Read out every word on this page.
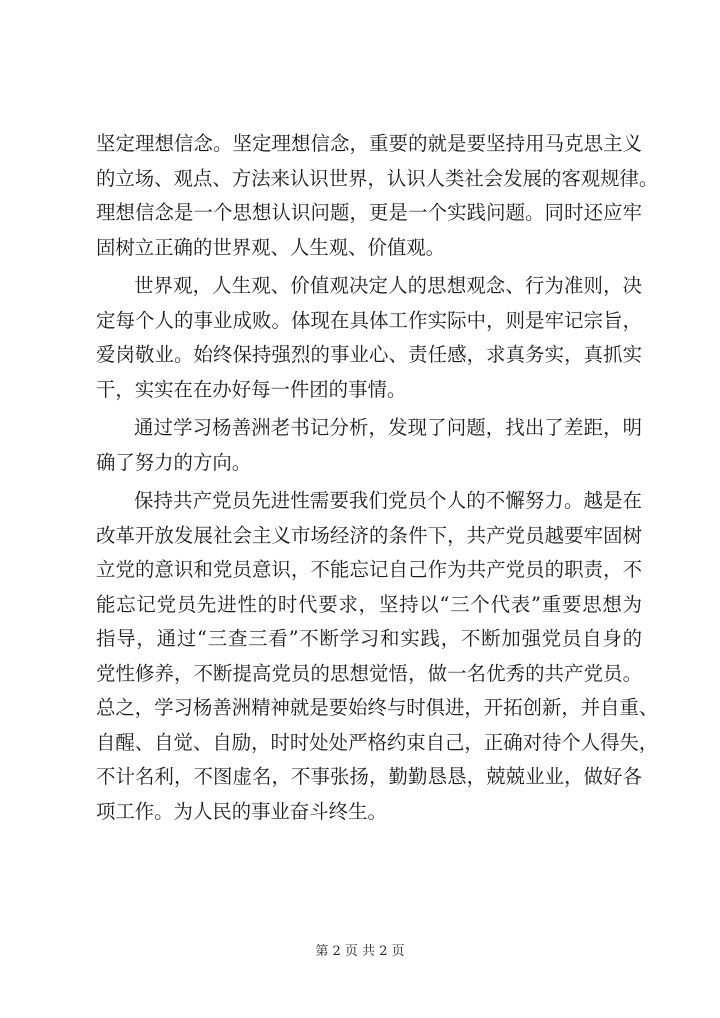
坚定理想信念。坚定理想信念，重要的就是要坚持用马克思主义
的立场、观点、方法来认识世界，认识人类社会发展的客观规律。
理想信念是一个思想认识问题，更是一个实践问题。同时还应牢
固树立正确的世界观、人生观、价值观。
世界观，人生观、价值观决定人的思想观念、行为准则，决
定每个人的事业成败。体现在具体工作实际中，则是牢记宗旨，
爱岗敬业。始终保持强烈的事业心、责任感，求真务实，真抓实
干，实实在在办好每一件团的事情。
通过学习杨善洲老书记分析，发现了问题，找出了差距，明
确了努力的方向。
保持共产党员先进性需要我们党员个人的不懈努力。越是在
改革开放发展社会主义市场经济的条件下，共产党员越要牢固树
立党的意识和党员意识，不能忘记自己作为共产党员的职责，不
能忘记党员先进性的时代要求，坚持以“三个代表”重要思想为
指导，通过“三查三看”不断学习和实践，不断加强党员自身的
党性修养，不断提高党员的思想觉悟，做一名优秀的共产党员。
总之，学习杨善洲精神就是要始终与时俱进，开拓创新，并自重、
自醒、自觉、自励，时时处处严格约束自己，正确对待个人得失，
不计名利，不图虚名，不事张扬，勤勤恳恳，兢兢业业，做好各
项工作。为人民的事业奋斗终生。
第 2 页 共 2 页
